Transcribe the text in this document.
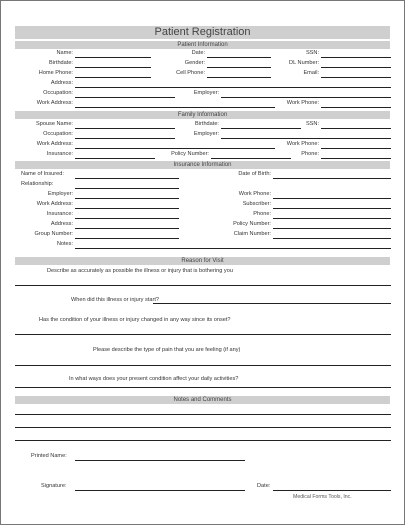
Patient Registration
Patient Information
Name:	Date:	SSN:
Birthdate:	Gender:	DL Number:
Home Phone:	Cell Phone:	Email:
Address:
Occupation:	Employer:
Work Address:	Work Phone:
Family Information
Spouse Name:	Birthdate:	SSN:
Occupation:	Employer:
Work Address:	Work Phone:
Insurance:	Policy Number:	Phone:
Insurance Information
Name of Insured:	Date of Birth:
Relationship:
Employer:	Work Phone:
Work Address:	Subscriber:
Insurance:	Phone:
Address:	Policy Number:
Group Number:	Claim Number:
Notes:
Reason for Visit
Describe as accurately as possible the illness or injury that is bothering you
When did this illness or injury start?
Has the condition of your illness or injury changed in any way since its onset?
Please describe the type of pain that you are feeling (if any)
In what ways does your present condition affect your daily activities?
Notes and Comments
Printed Name:
Signature:	Date:
Medical Forms Tools, Inc.
